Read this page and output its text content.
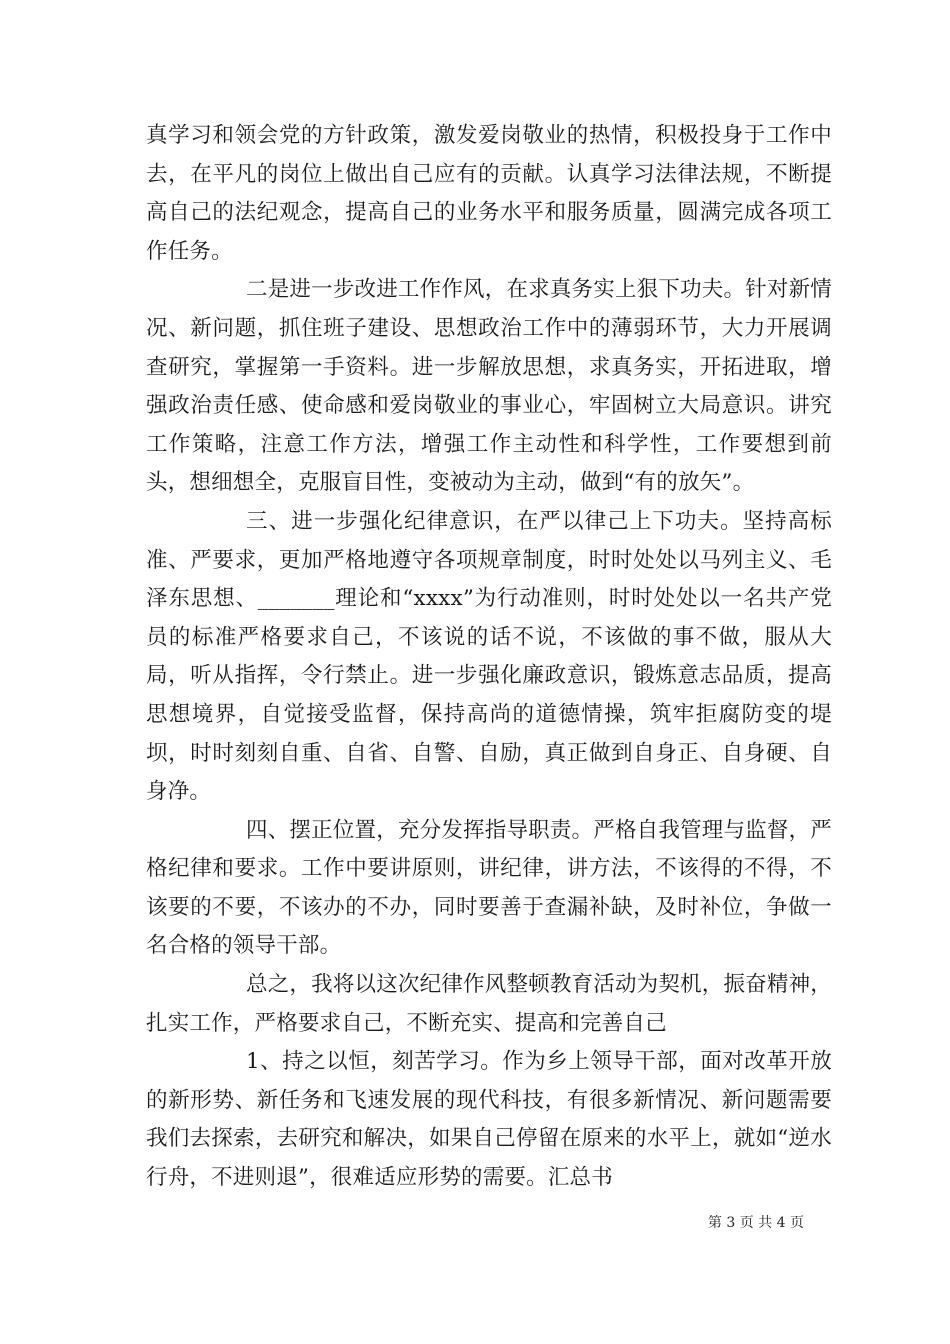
真学习和领会党的方针政策，激发爱岗敬业的热情，积极投身于工作中去，在平凡的岗位上做出自己应有的贡献。认真学习法律法规，不断提高自己的法纪观念，提高自己的业务水平和服务质量，圆满完成各项工作任务。

二是进一步改进工作作风，在求真务实上狠下功夫。针对新情况、新问题，抓住班子建设、思想政治工作中的薄弱环节，大力开展调查研究，掌握第一手资料。进一步解放思想，求真务实，开拓进取，增强政治责任感、使命感和爱岗敬业的事业心，牢固树立大局意识。讲究工作策略，注意工作方法，增强工作主动性和科学性，工作要想到前头，想细想全，克服盲目性，变被动为主动，做到“有的放矢”。

三、进一步强化纪律意识，在严以律己上下功夫。坚持高标准、严要求，更加严格地遵守各项规章制度，时时处处以马列主义、毛泽东思想、_______理论和“xxxx”为行动准则，时时处处以一名共产党员的标准严格要求自己，不该说的话不说，不该做的事不做，服从大局，听从指挥，令行禁止。进一步强化廉政意识，锻炼意志品质，提高思想境界，自觉接受监督，保持高尚的道德情操，筑牢拒腐防变的堤坝，时时刻刻自重、自省、自警、自励，真正做到自身正、自身硬、自身净。

四、摆正位置，充分发挥指导职责。严格自我管理与监督，严格纪律和要求。工作中要讲原则，讲纪律，讲方法，不该得的不得，不该要的不要，不该办的不办，同时要善于查漏补缺，及时补位，争做一名合格的领导干部。

总之，我将以这次纪律作风整顿教育活动为契机，振奋精神，扎实工作，严格要求自己，不断充实、提高和完善自己

1、持之以恒，刻苦学习。作为乡上领导干部，面对改革开放的新形势、新任务和飞速发展的现代科技，有很多新情况、新问题需要我们去探索，去研究和解决，如果自己停留在原来的水平上，就如“逆水行舟，不进则退”，很难适应形势的需要。汇总书

第 3 页 共 4 页
